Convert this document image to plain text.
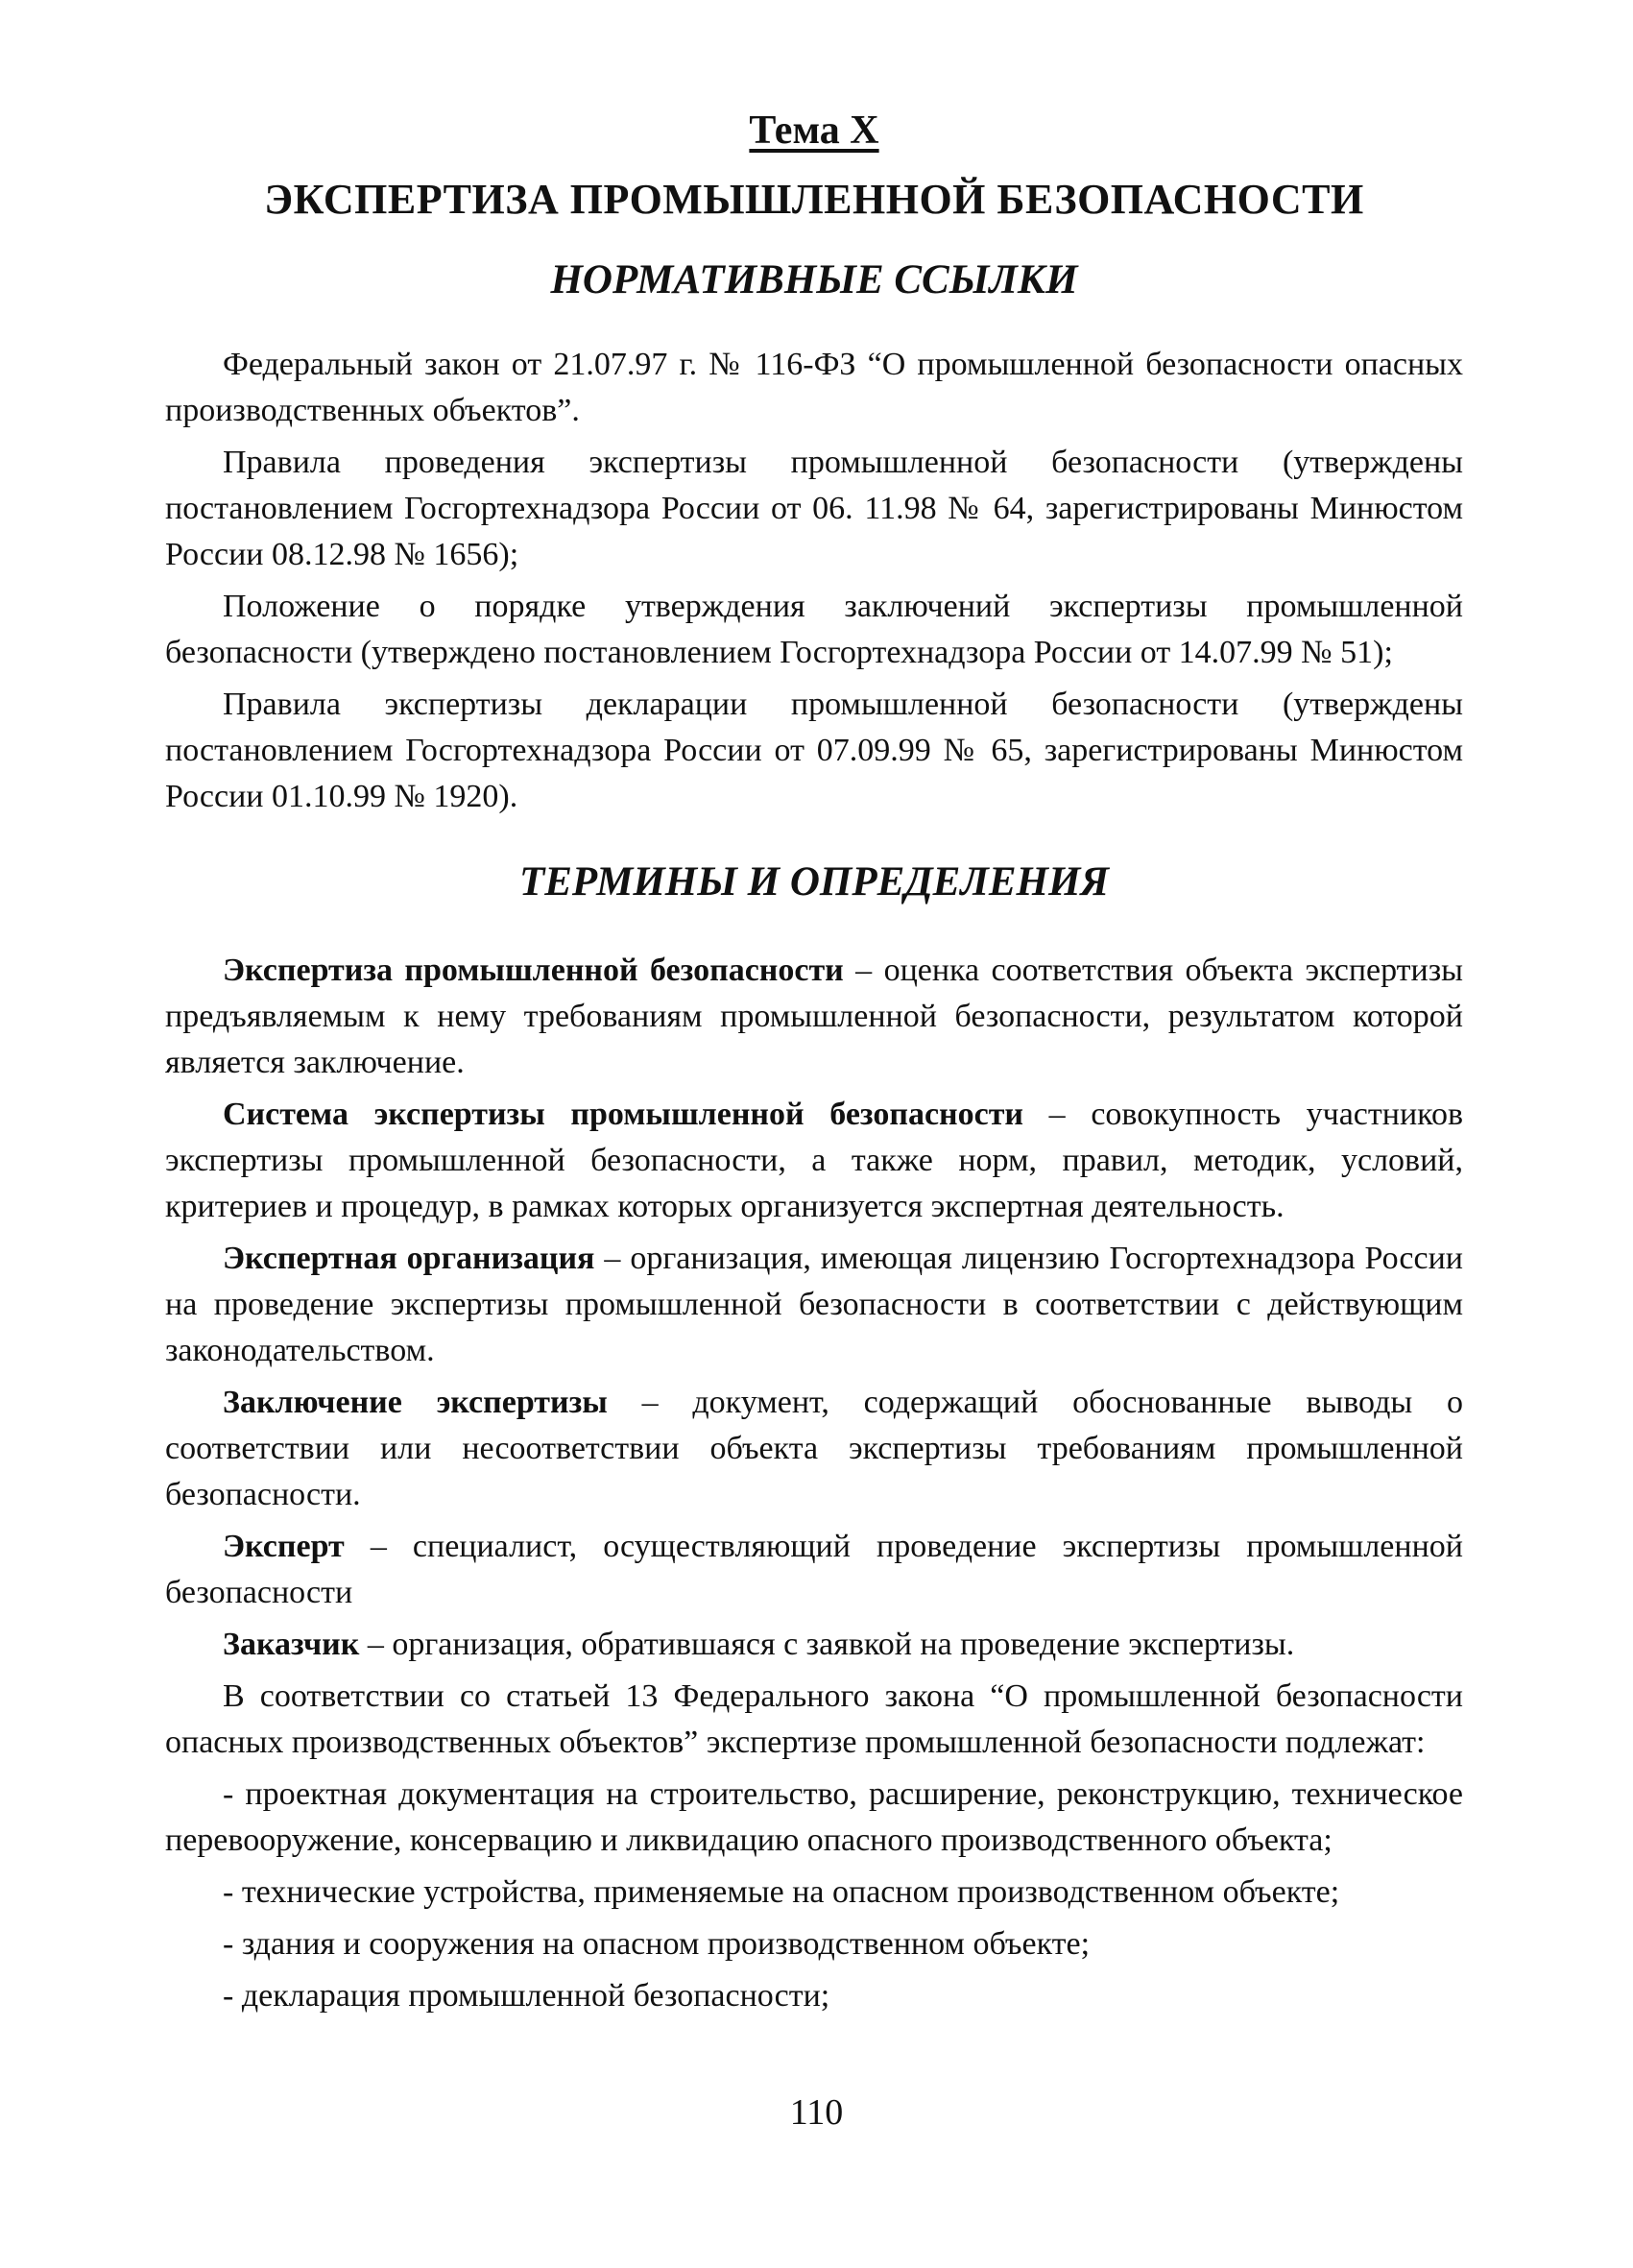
Тема X
ЭКСПЕРТИЗА ПРОМЫШЛЕННОЙ БЕЗОПАСНОСТИ
НОРМАТИВНЫЕ ССЫЛКИ

Федеральный закон от 21.07.97 г. № 116-ФЗ “О промышленной безопасности опасных производственных объектов”.

Правила проведения экспертизы промышленной безопасности (утверждены постановлением Госгортехнадзора России от 06. 11.98 № 64, зарегистрированы Минюстом России 08.12.98 № 1656);

Положение о порядке утверждения заключений экспертизы промышленной безопасности (утверждено постановлением Госгортехнадзора России от 14.07.99 № 51);

Правила экспертизы декларации промышленной безопасности (утверждены постановлением Госгортехнадзора России от 07.09.99 № 65, зарегистрированы Минюстом России 01.10.99 № 1920).

ТЕРМИНЫ И ОПРЕДЕЛЕНИЯ

Экспертиза промышленной безопасности – оценка соответствия объекта экспертизы предъявляемым к нему требованиям промышленной безопасности, результатом которой является заключение.

Система экспертизы промышленной безопасности – совокупность участников экспертизы промышленной безопасности, а также норм, правил, методик, условий, критериев и процедур, в рамках которых организуется экспертная деятельность.

Экспертная организация – организация, имеющая лицензию Госгортехнадзора России на проведение экспертизы промышленной безопасности в соответствии с действующим законодательством.

Заключение экспертизы – документ, содержащий обоснованные выводы о соответствии или несоответствии объекта экспертизы требованиям промышленной безопасности.

Эксперт – специалист, осуществляющий проведение экспертизы промышленной безопасности

Заказчик – организация, обратившаяся с заявкой на проведение экспертизы.

В соответствии со статьей 13 Федерального закона “О промышленной безопасности опасных производственных объектов” экспертизе промышленной безопасности подлежат:

- проектная документация на строительство, расширение, реконструкцию, техническое перевооружение, консервацию и ликвидацию опасного производственного объекта;

- технические устройства, применяемые на опасном производственном объекте;

- здания и сооружения на опасном производственном объекте;

- декларация промышленной безопасности;

110
